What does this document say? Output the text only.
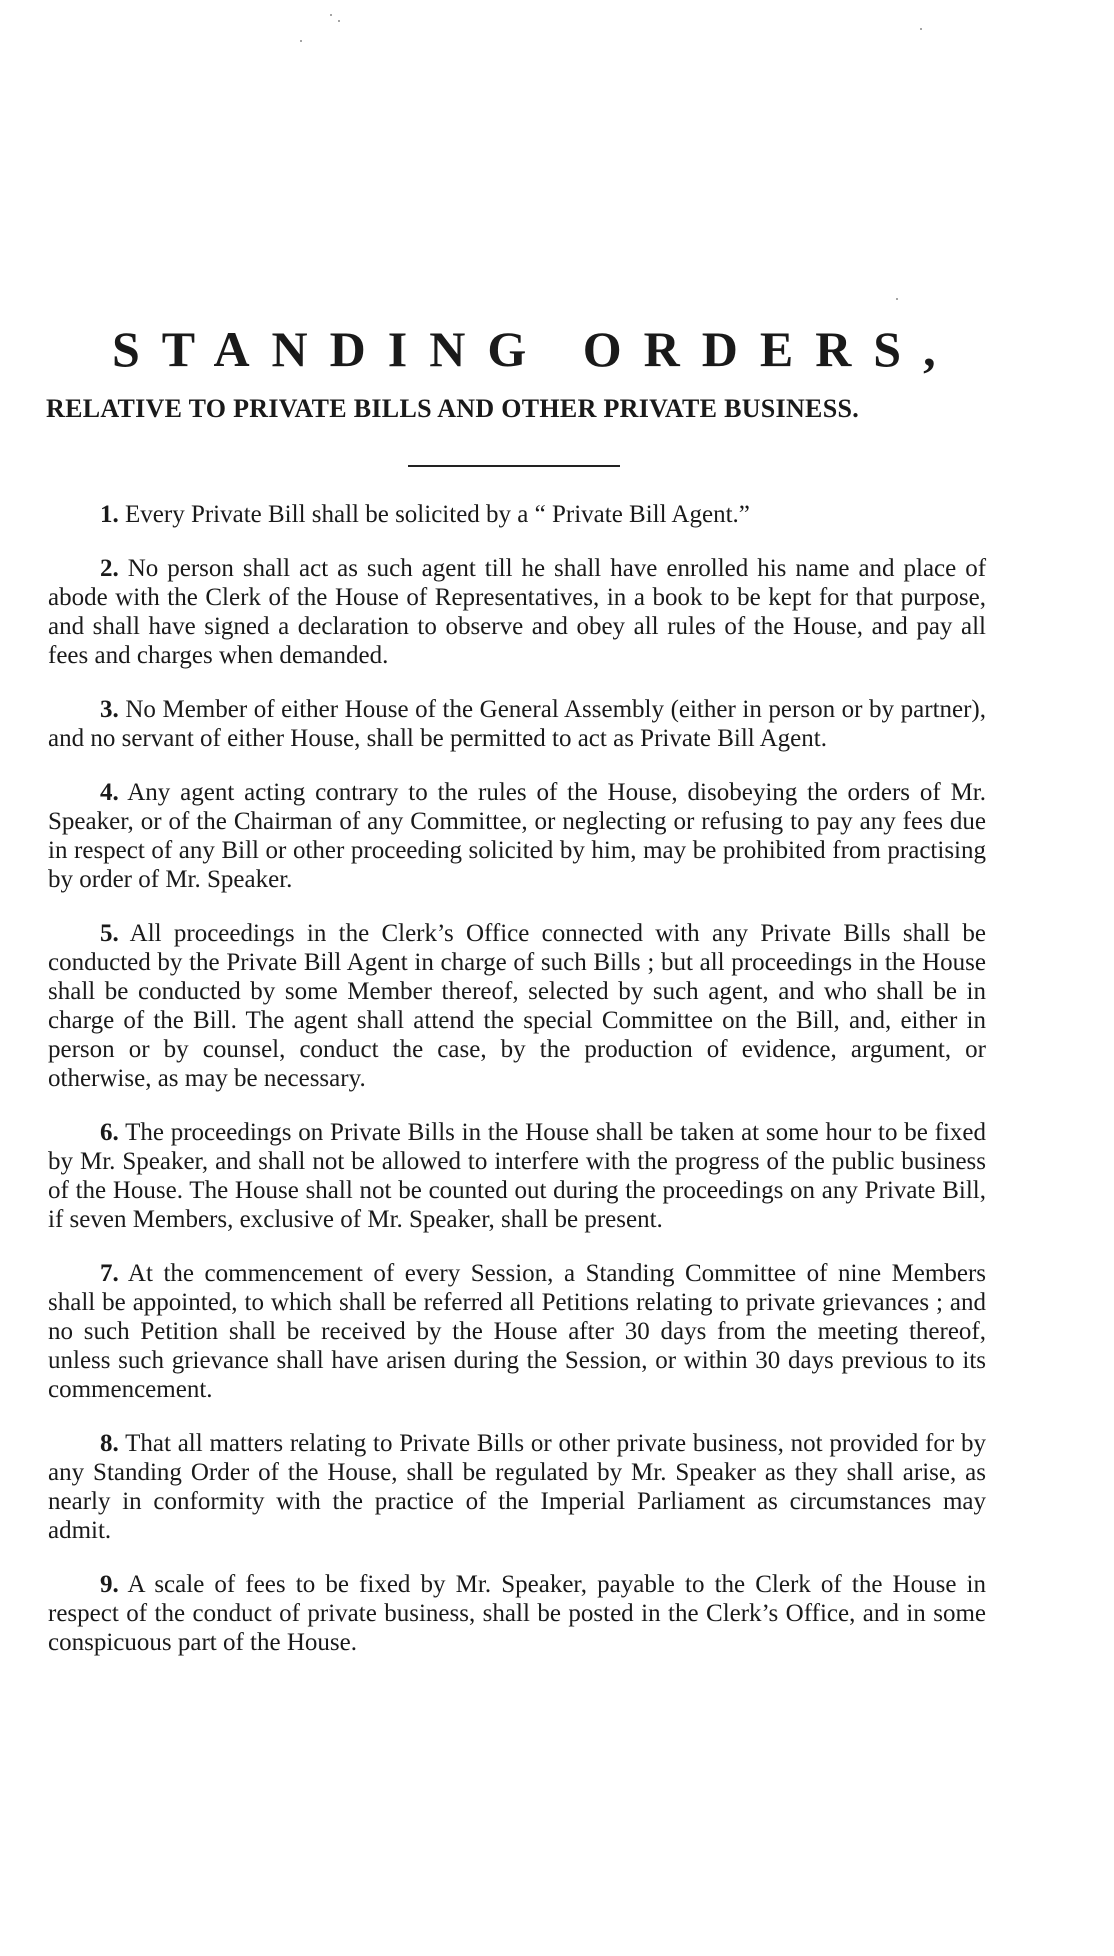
STANDING ORDERS,
RELATIVE TO PRIVATE BILLS AND OTHER PRIVATE BUSINESS.
1. Every Private Bill shall be solicited by a “ Private Bill Agent.”
2. No person shall act as such agent till he shall have enrolled his name and place of abode with the Clerk of the House of Representatives, in a book to be kept for that purpose, and shall have signed a declaration to observe and obey all rules of the House, and pay all fees and charges when demanded.
3. No Member of either House of the General Assembly (either in person or by partner), and no servant of either House, shall be permitted to act as Private Bill Agent.
4. Any agent acting contrary to the rules of the House, disobeying the orders of Mr. Speaker, or of the Chairman of any Committee, or neglecting or refusing to pay any fees due in respect of any Bill or other proceeding solicited by him, may be prohibited from practising by order of Mr. Speaker.
5. All proceedings in the Clerk’s Office connected with any Private Bills shall be conducted by the Private Bill Agent in charge of such Bills ; but all proceedings in the House shall be conducted by some Member thereof, selected by such agent, and who shall be in charge of the Bill. The agent shall attend the special Committee on the Bill, and, either in person or by counsel, conduct the case, by the production of evidence, argument, or otherwise, as may be necessary.
6. The proceedings on Private Bills in the House shall be taken at some hour to be fixed by Mr. Speaker, and shall not be allowed to interfere with the progress of the public business of the House. The House shall not be counted out during the proceedings on any Private Bill, if seven Members, exclusive of Mr. Speaker, shall be present.
7. At the commencement of every Session, a Standing Committee of nine Members shall be appointed, to which shall be referred all Petitions relating to private grievances ; and no such Petition shall be received by the House after 30 days from the meeting thereof, unless such grievance shall have arisen during the Session, or within 30 days previous to its commencement.
8. That all matters relating to Private Bills or other private business, not provided for by any Standing Order of the House, shall be regulated by Mr. Speaker as they shall arise, as nearly in conformity with the practice of the Imperial Parliament as circumstances may admit.
9. A scale of fees to be fixed by Mr. Speaker, payable to the Clerk of the House in respect of the conduct of private business, shall be posted in the Clerk’s Office, and in some conspicuous part of the House.
